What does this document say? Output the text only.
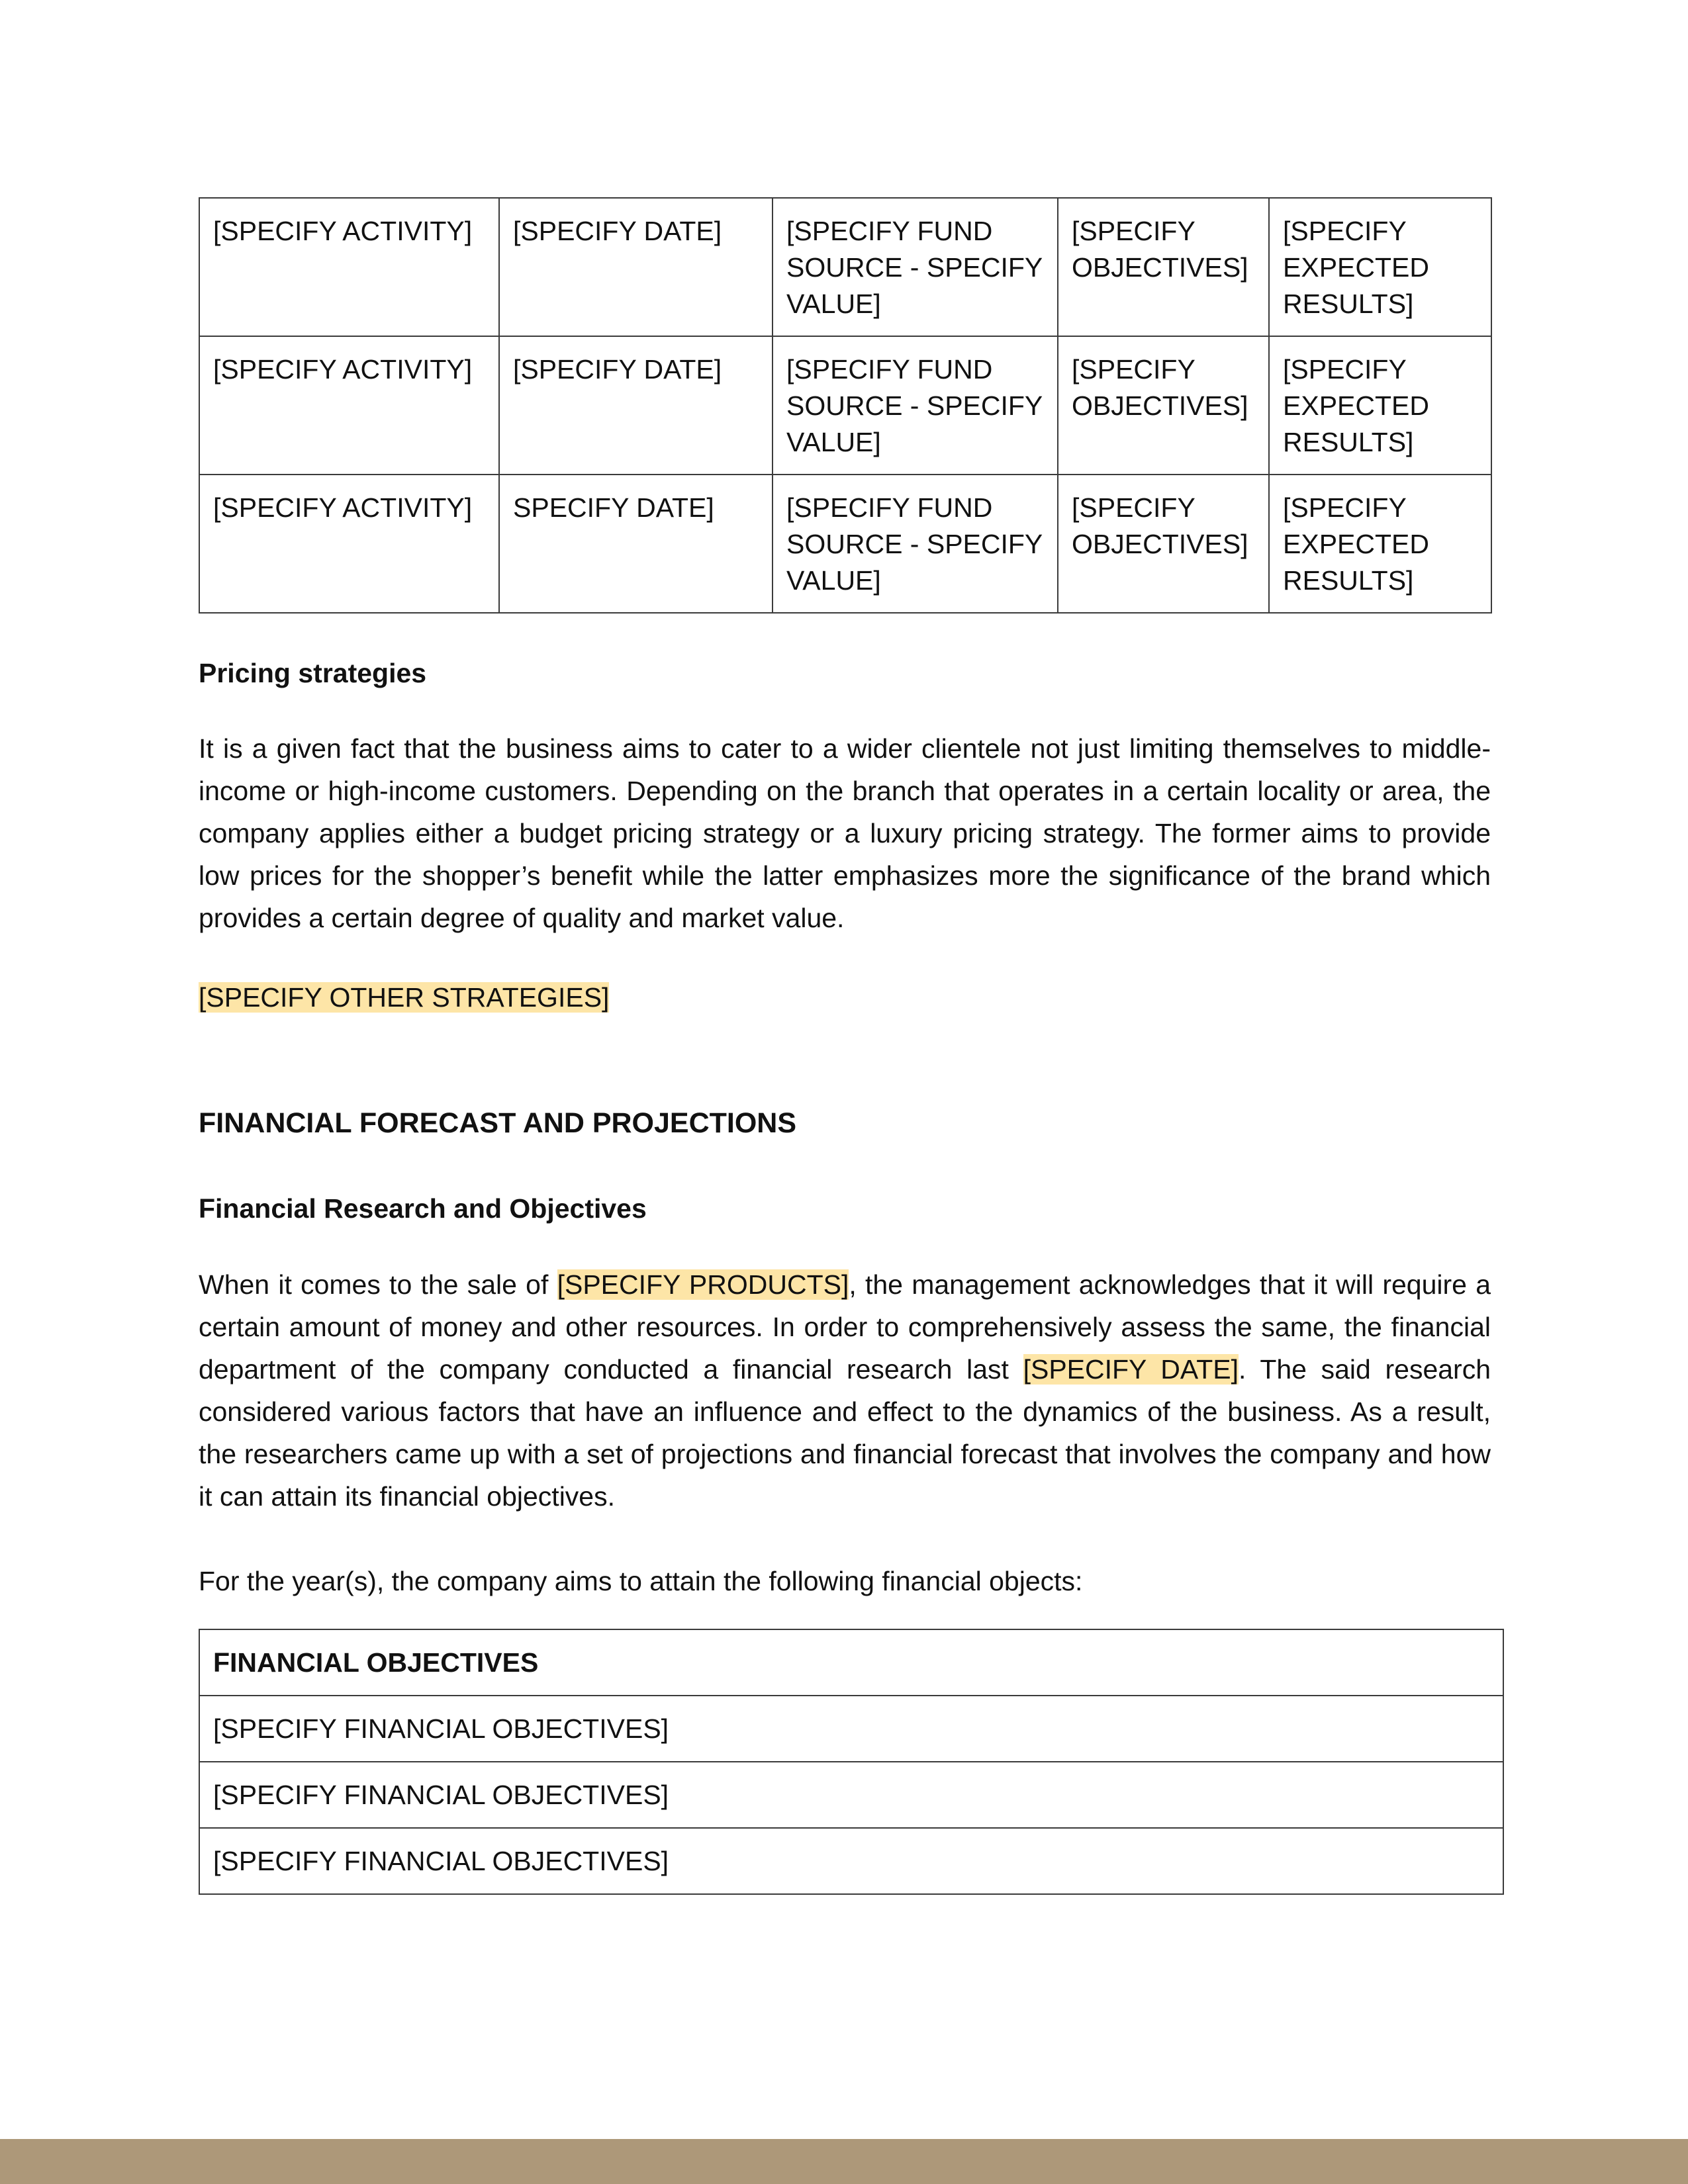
[SPECIFY ACTIVITY]	[SPECIFY DATE]	[SPECIFY FUND SOURCE - SPECIFY VALUE]	[SPECIFY OBJECTIVES]	[SPECIFY EXPECTED RESULTS]
[SPECIFY ACTIVITY]	[SPECIFY DATE]	[SPECIFY FUND SOURCE - SPECIFY VALUE]	[SPECIFY OBJECTIVES]	[SPECIFY EXPECTED RESULTS]
[SPECIFY ACTIVITY]	SPECIFY DATE]	[SPECIFY FUND SOURCE - SPECIFY VALUE]	[SPECIFY OBJECTIVES]	[SPECIFY EXPECTED RESULTS]
Pricing strategies

It is a given fact that the business aims to cater to a wider clientele not just limiting themselves to middle-income or high-income customers. Depending on the branch that operates in a certain locality or area, the company applies either a budget pricing strategy or a luxury pricing strategy. The former aims to provide low prices for the shopper’s benefit while the latter emphasizes more the significance of the brand which provides a certain degree of quality and market value.

[SPECIFY OTHER STRATEGIES]
FINANCIAL FORECAST AND PROJECTIONS
Financial Research and Objectives

When it comes to the sale of [SPECIFY PRODUCTS], the management acknowledges that it will require a certain amount of money and other resources. In order to comprehensively assess the same, the financial department of the company conducted a financial research last [SPECIFY DATE]. The said research considered various factors that have an influence and effect to the dynamics of the business. As a result, the researchers came up with a set of projections and financial forecast that involves the company and how it can attain its financial objectives.

For the year(s), the company aims to attain the following financial objects:

FINANCIAL OBJECTIVES
[SPECIFY FINANCIAL OBJECTIVES]
[SPECIFY FINANCIAL OBJECTIVES]
[SPECIFY FINANCIAL OBJECTIVES]
